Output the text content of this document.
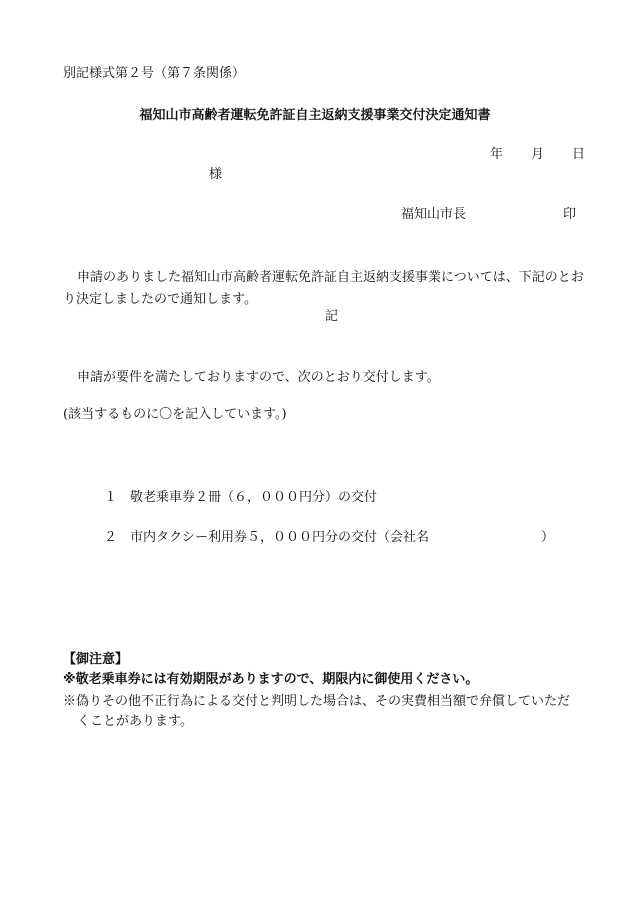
別記様式第２号（第７条関係）
福知山市高齢者運転免許証自主返納支援事業交付決定通知書
年 月 日
様
福知山市長	印
申請のありました福知山市高齢者運転免許証自主返納支援事業については、下記のとおり決定しましたので通知します。
記
申請が要件を満たしておりますので、次のとおり交付します。
(該当するものに〇を記入しています。)
１ 敬老乗車券２冊（６，０００円分）の交付
２ 市内タクシー利用券５，０００円分の交付（会社名	）
【御注意】
※敬老乗車券には有効期限がありますので、期限内に御使用ください。
※偽りその他不正行為による交付と判明した場合は、その実費相当額で弁償していただ
くことがあります。
